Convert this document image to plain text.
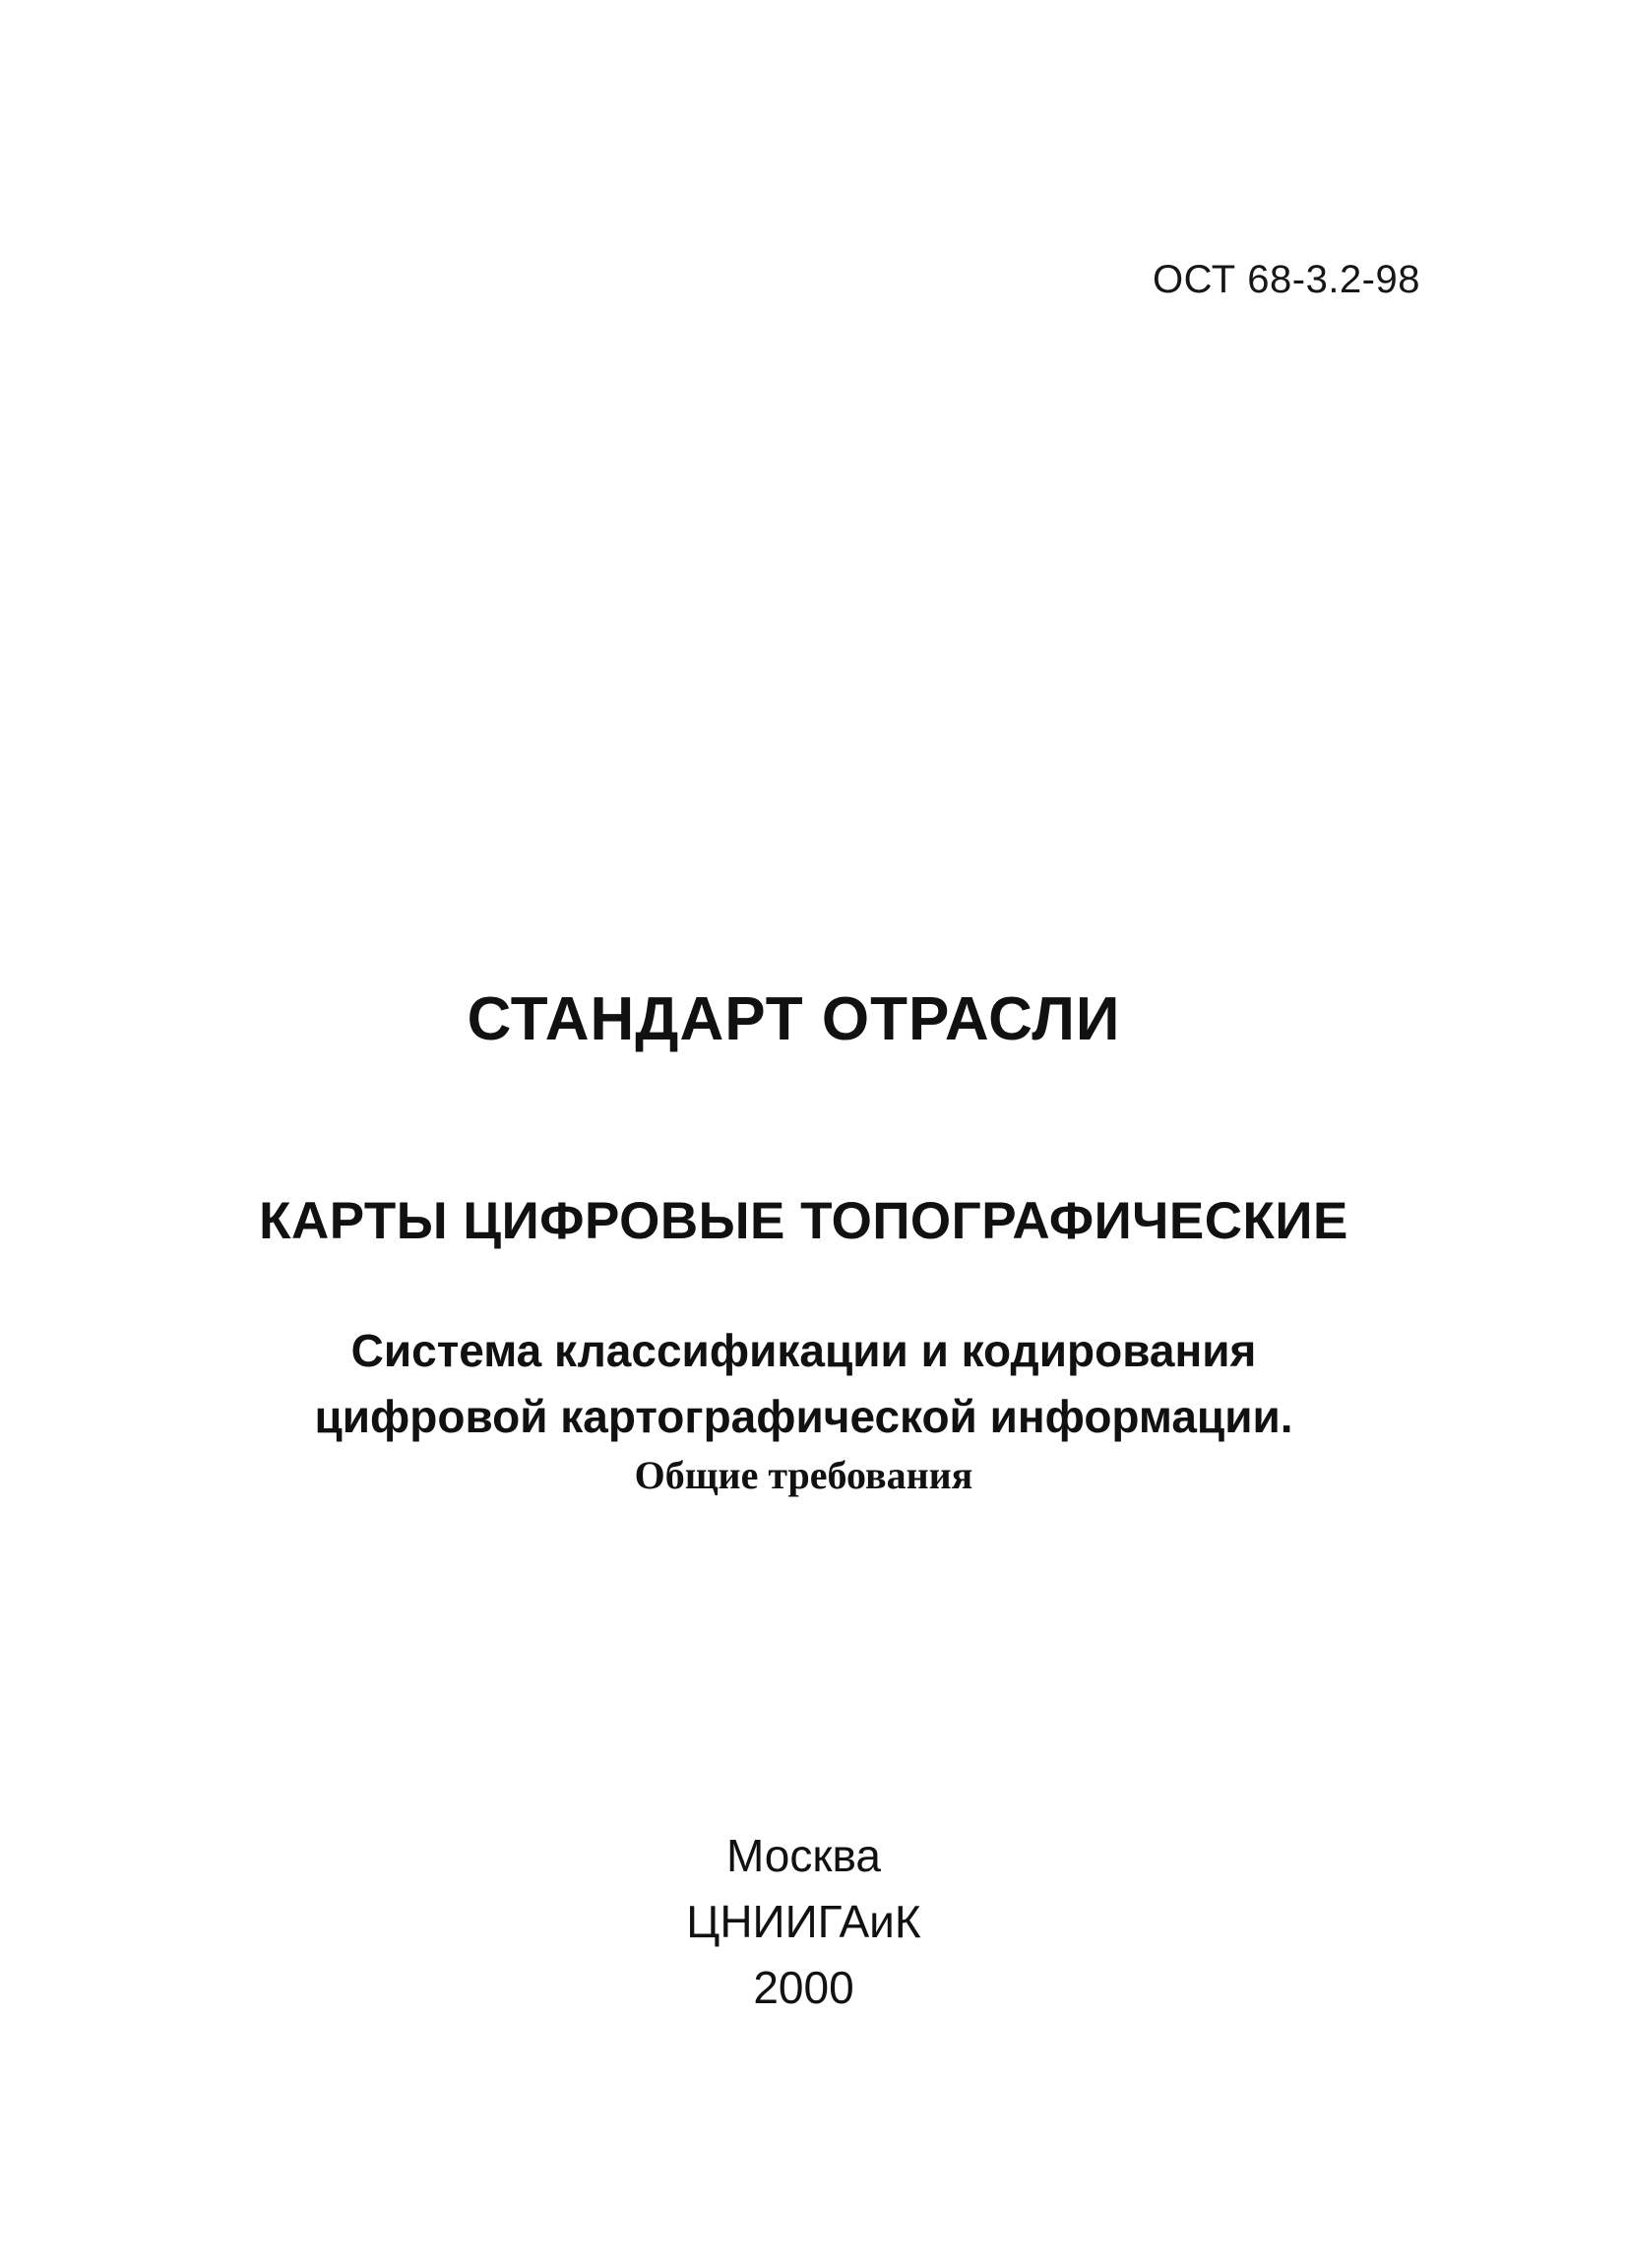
ОСТ 68-3.2-98
СТАНДАРТ ОТРАСЛИ
КАРТЫ ЦИФРОВЫЕ ТОПОГРАФИЧЕСКИЕ
Система классификации и кодирования
цифровой картографической информации.
Общие требования
Москва
ЦНИИГАиК
2000
